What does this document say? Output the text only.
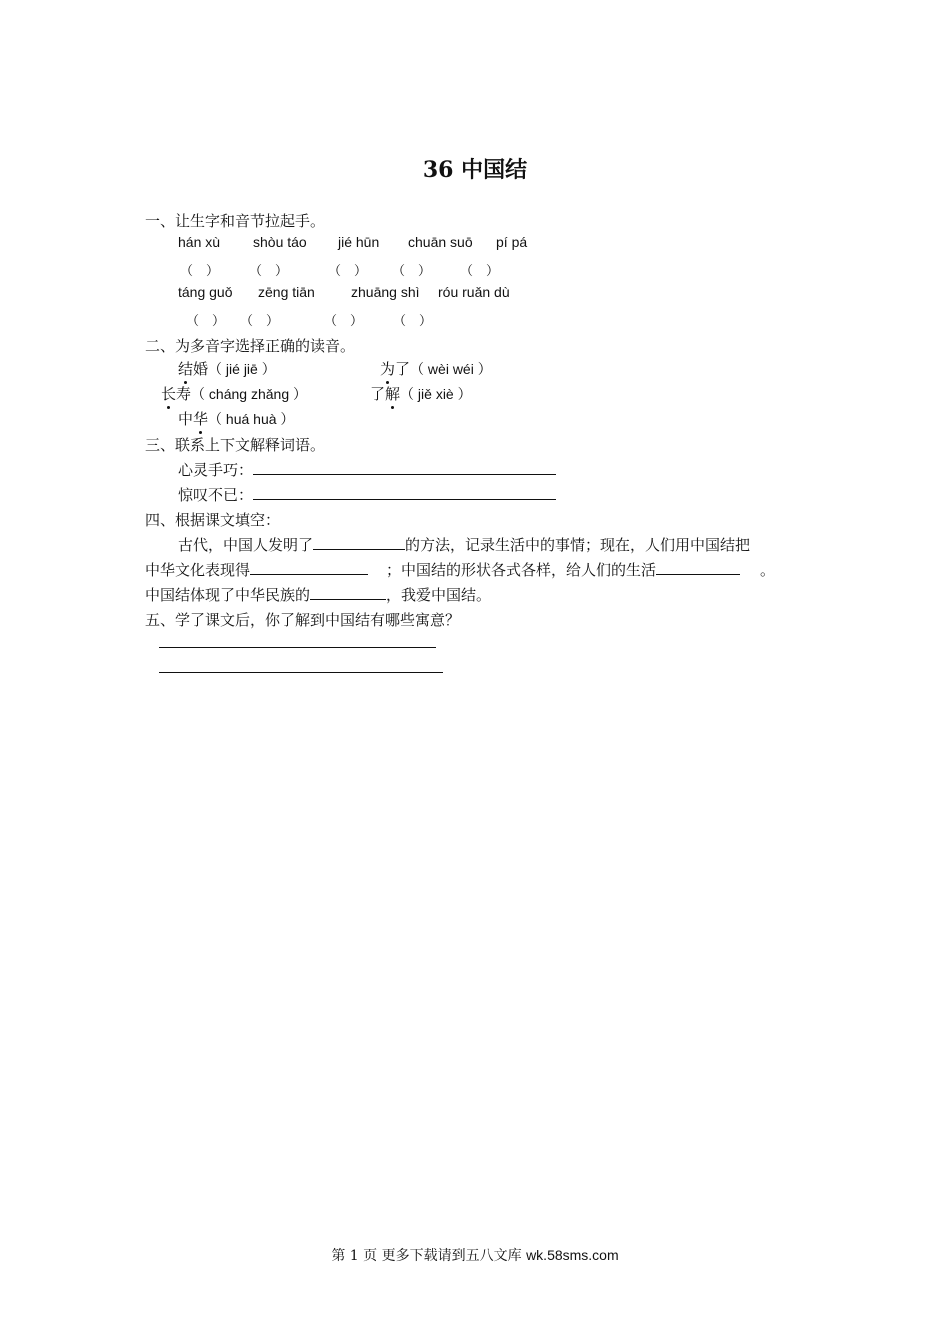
36 中国结
一、让生字和音节拉起手。
hán xù shòu táo jié hūn chuān suō pí pá
（　） （　）	（　） （　） （　）
táng guǒ zēng tiān	zhuāng shì róu ruǎn dù
（　） （　）	（　） （　）
二、为多音字选择正确的读音。
结婚（ jié jiē ）	为了（ wèi wéi ）
长寿（ cháng zhǎng ）	了解（ jiě xiè ）
中华（ huá huà ）
三、联系上下文解释词语。
心灵手巧：
惊叹不已：
四、根据课文填空：
古代，中国人发明了	的方法，记录生活中的事情；现在，人们用中国结把
中华文化表现得	；中国结的形状各式各样，给人们的生活	。
中国结体现了中华民族的	，我爱中国结。
五、学了课文后，你了解到中国结有哪些寓意？
第 1 页 更多下载请到五八文库 wk.58sms.com
